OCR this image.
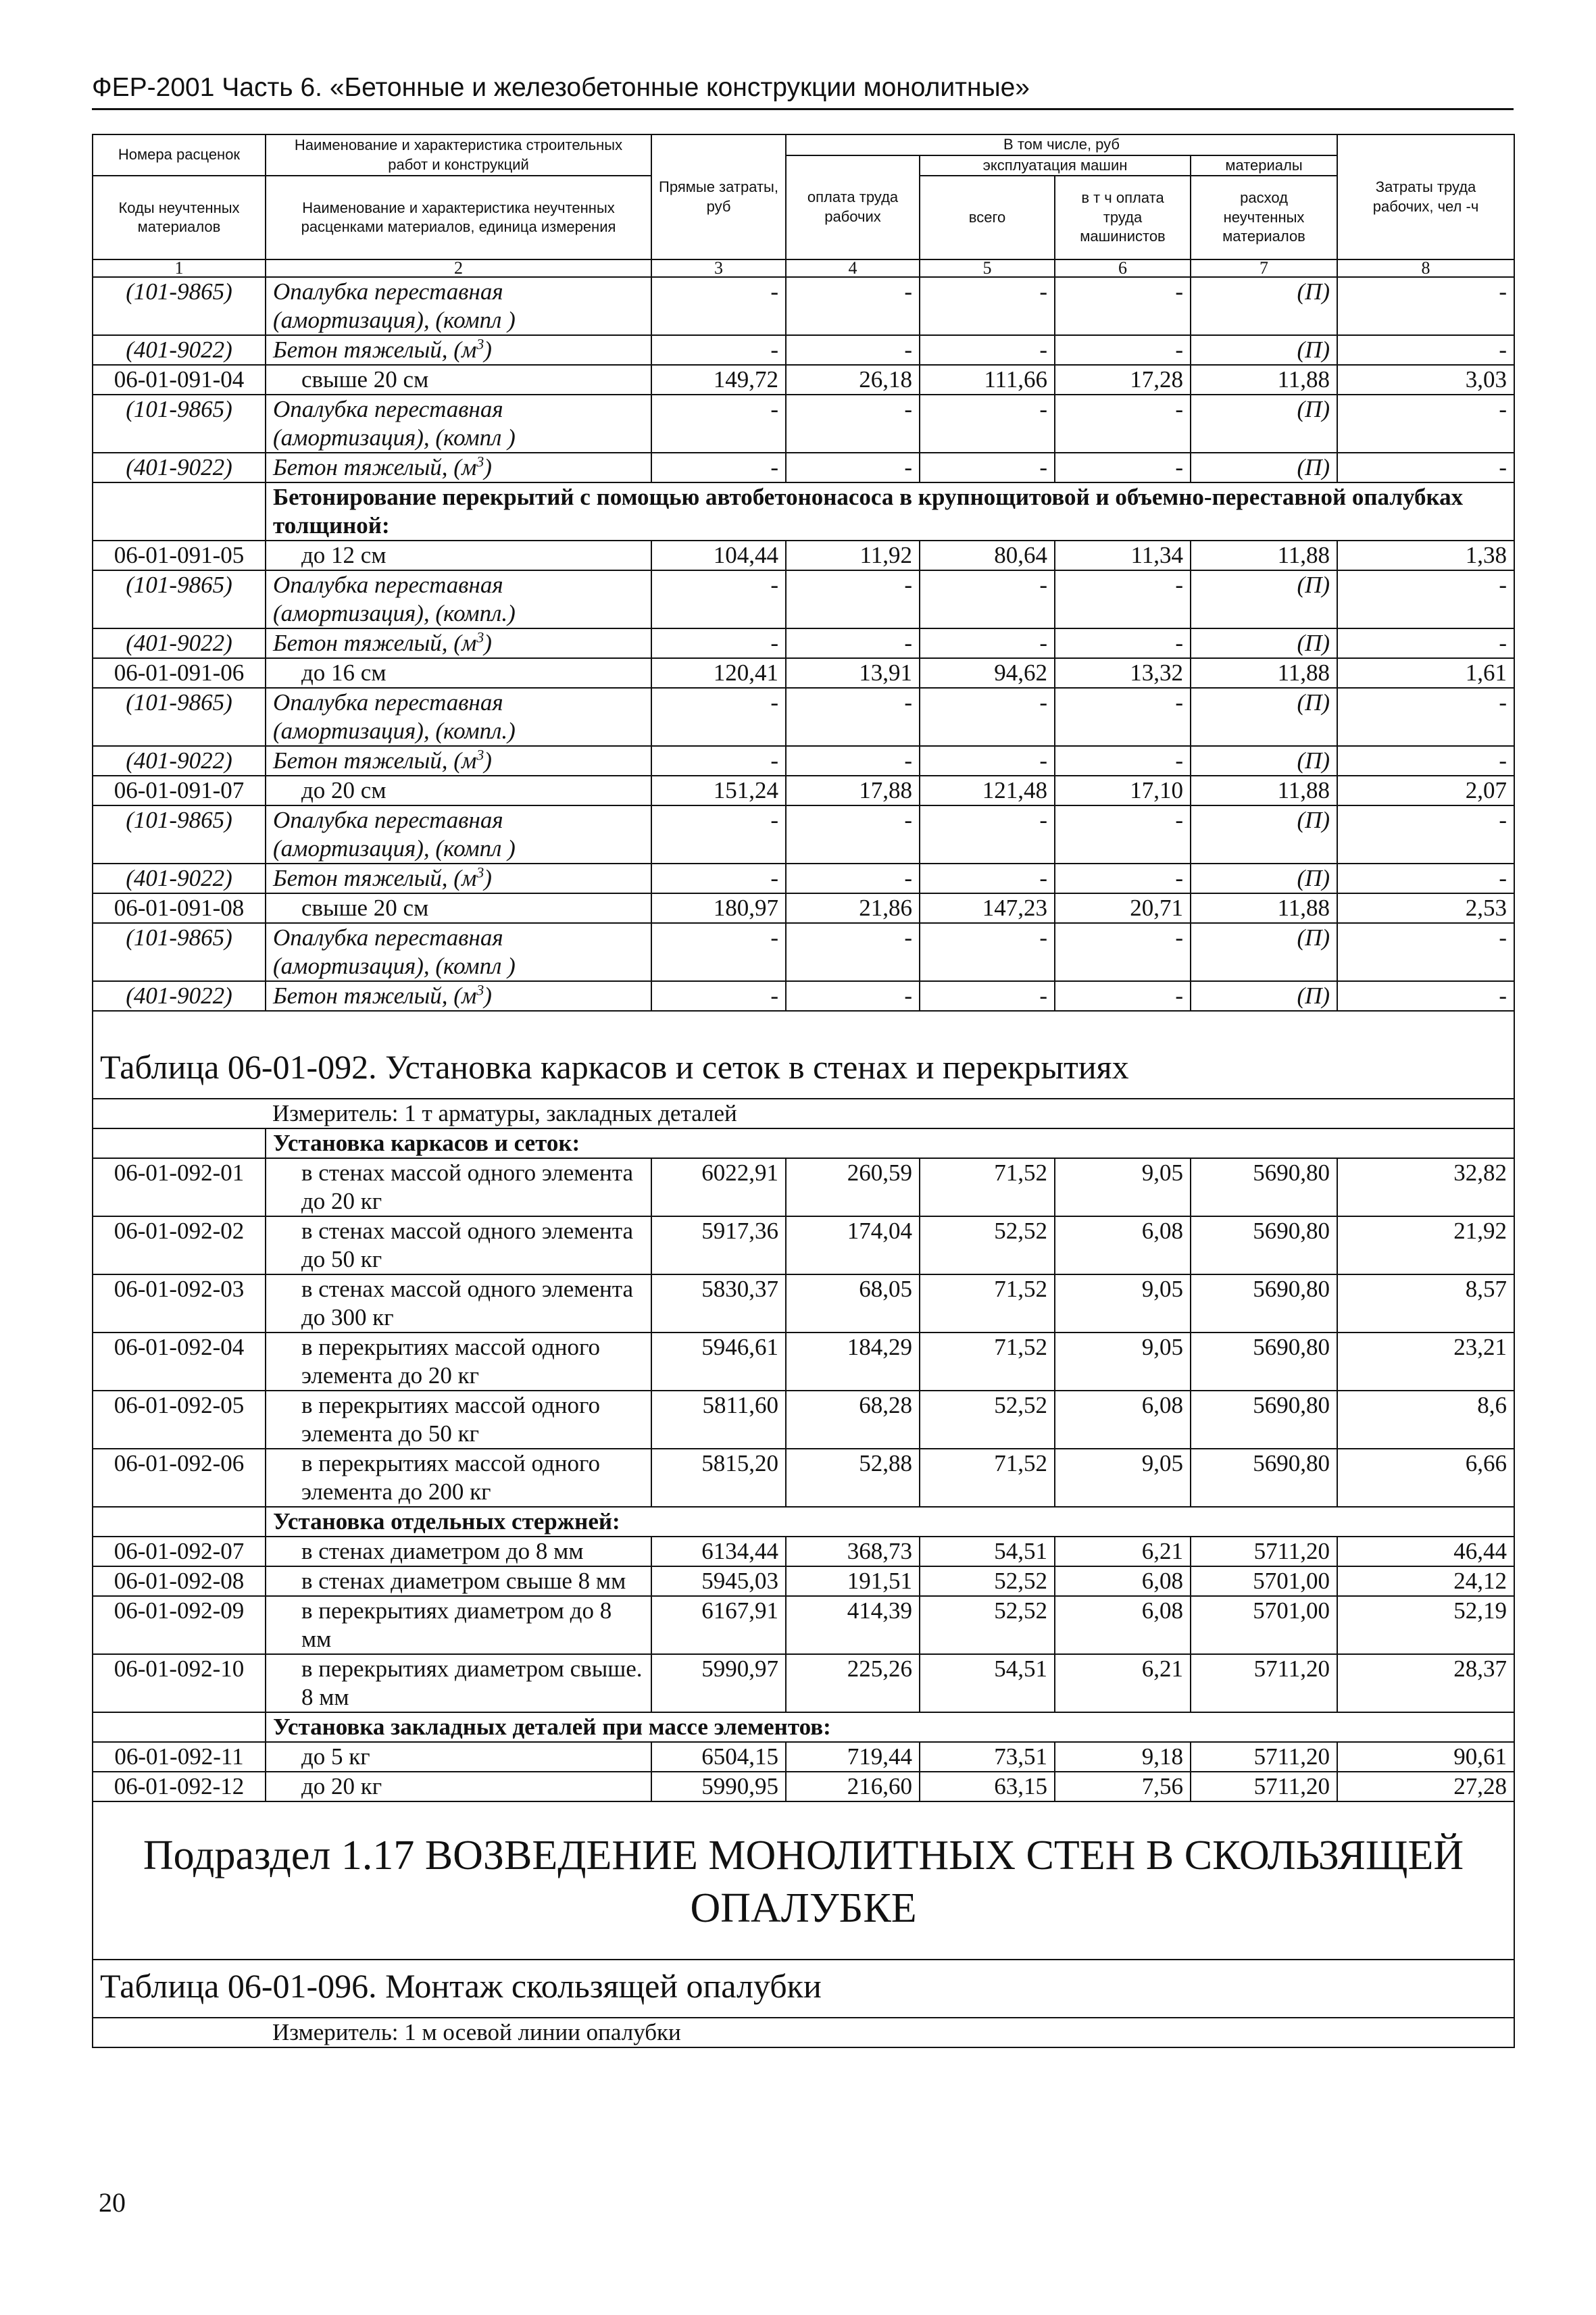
ФЕР-2001 Часть 6. «Бетонные и железобетонные конструкции монолитные»
Номера расценок	Наименование и характеристика строительных работ и конструкций	Прямые затраты, руб	В том числе, руб				Затраты труда рабочих, чел -ч
			оплата труда рабочих	эксплуатация машин		материалы	
Коды неучтенных материалов	Наименование и характеристика неучтенных расценками материалов, единица измерения			всего	в т ч оплата труда машинистов	расход неучтенных материалов	

1	2	3	4	5	6	7	8
(101-9865)	Опалубка переставная (амортизация), (компл )	-	-	-	-	(П)	-
(401-9022)	Бетон тяжелый, $(м^3)$	-	-	-	-	(П)	-
06-01-091-04	свыше 20 см	149,72	26,18	111,66	17,28	11,88	3,03
(101-9865)	Опалубка переставная (амортизация), (компл )	-	-	-	-	(П)	-
(401-9022)	Бетон тяжелый, $(м^3)$	-	-	-	-	(П)	-
	Бетонирование перекрытий с помощью автобетононасоса в крупнощитовой и объемно-переставной опалубках толщиной:						
06-01-091-05	до 12 см	104,44	11,92	80,64	11,34	11,88	1,38
(101-9865)	Опалубка переставная (амортизация), (компл.)	-	-	-	-	(П)	-
(401-9022)	Бетон тяжелый, $(м^3)$	-	-	-	-	(П)	-
06-01-091-06	до 16 см	120,41	13,91	94,62	13,32	11,88	1,61
(101-9865)	Опалубка переставная (амортизация), (компл.)	-	-	-	-	(П)	-
(401-9022)	Бетон тяжелый, $(м^3)$	-	-	-	-	(П)	-
06-01-091-07	до 20 см	151,24	17,88	121,48	17,10	11,88	2,07
(101-9865)	Опалубка переставная (амортизация), (компл )	-	-	-	-	(П)	-
(401-9022)	Бетон тяжелый, $(м^3)$	-	-	-	-	(П)	-
06-01-091-08	свыше 20 см	180,97	21,86	147,23	20,71	11,88	2,53
(101-9865)	Опалубка переставная (амортизация), (компл )	-	-	-	-	(П)	-
(401-9022)	Бетон тяжелый, $(м^3)$	-	-	-	-	(П)	-
Таблица 06-01-092. Установка каркасов и сеток в стенах и перекрытиях							
	Измеритель: 1 т арматуры, закладных деталей						
	Установка каркасов и сеток:						
06-01-092-01	в стенах массой одного элемента до 20 кг	6022,91	260,59	71,52	9,05	5690,80	32,82
06-01-092-02	в стенах массой одного элемента до 50 кг	5917,36	174,04	52,52	6,08	5690,80	21,92
06-01-092-03	в стенах массой одного элемента до 300 кг	5830,37	68,05	71,52	9,05	5690,80	8,57
06-01-092-04	в перекрытиях массой одного элемента до 20 кг	5946,61	184,29	71,52	9,05	5690,80	23,21
06-01-092-05	в перекрытиях массой одного элемента до 50 кг	5811,60	68,28	52,52	6,08	5690,80	8,6
06-01-092-06	в перекрытиях массой одного элемента до 200 кг	5815,20	52,88	71,52	9,05	5690,80	6,66
	Установка отдельных стержней:						
06-01-092-07	в стенах диаметром до 8 мм	6134,44	368,73	54,51	6,21	5711,20	46,44
06-01-092-08	в стенах диаметром свыше 8 мм	5945,03	191,51	52,52	6,08	5701,00	24,12
06-01-092-09	в перекрытиях диаметром до 8 мм	6167,91	414,39	52,52	6,08	5701,00	52,19
06-01-092-10	в перекрытиях диаметром свыше. 8 мм	5990,97	225,26	54,51	6,21	5711,20	28,37
	Установка закладных деталей при массе элементов:						
06-01-092-11	до 5 кг	6504,15	719,44	73,51	9,18	5711,20	90,61
06-01-092-12	до 20 кг	5990,95	216,60	63,15	7,56	5711,20	27,28
Подраздел 1.17 ВОЗВЕДЕНИЕ МОНОЛИТНЫХ СТЕН В СКОЛЬЗЯЩЕЙ ОПАЛУБКЕ							
Таблица 06-01-096. Монтаж скользящей опалубки							
	Измеритель: 1 м осевой линии опалубки						
20
